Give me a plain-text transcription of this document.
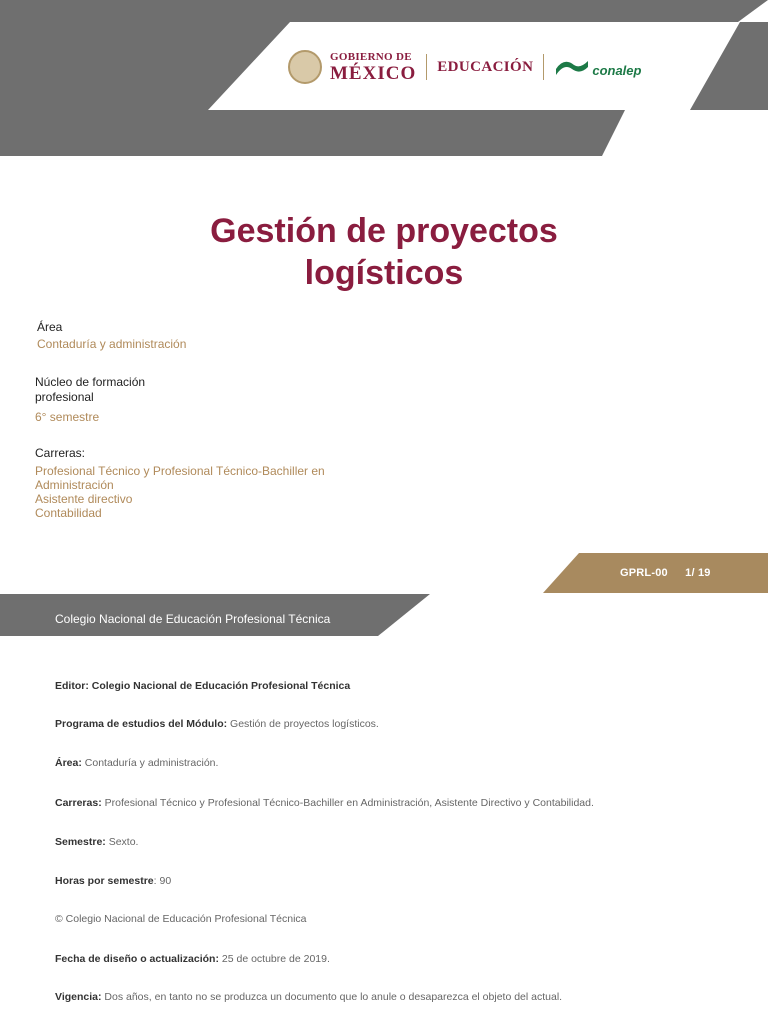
GOBIERNO DE
MÉXICO EDUCACIÓN	conalep
Gestión de proyectos
logísticos
Área
Contaduría y administración
Núcleo de formación
profesional
6° semestre
Carreras:
Profesional Técnico y Profesional Técnico-Bachiller en
Administración
Asistente directivo
Contabilidad
GPRL-00 1/ 19
Colegio Nacional de Educación Profesional Técnica
Editor: Colegio Nacional de Educación Profesional Técnica
Programa de estudios del Módulo: Gestión de proyectos logísticos.
Área: Contaduría y administración.
Carreras: Profesional Técnico y Profesional Técnico-Bachiller en Administración, Asistente Directivo y Contabilidad.
Semestre: Sexto.
Horas por semestre: 90
© Colegio Nacional de Educación Profesional Técnica
Fecha de diseño o actualización: 25 de octubre de 2019.
Vigencia: Dos años, en tanto no se produzca un documento que lo anule o desaparezca el objeto del actual.
